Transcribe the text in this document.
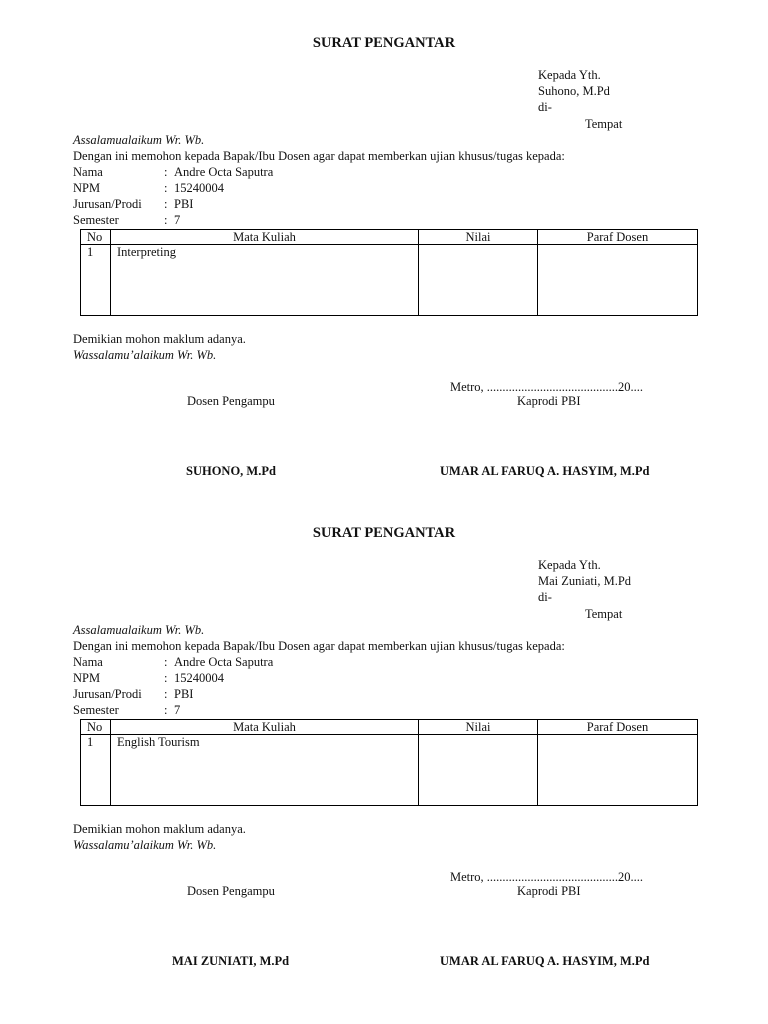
SURAT PENGANTAR
Kepada Yth.
Suhono, M.Pd
di-
Tempat
Assalamualaikum Wr. Wb.
Dengan ini memohon kepada Bapak/Ibu Dosen agar dapat memberkan ujian khusus/tugas kepada:
Nama	: Andre Octa Saputra
NPM	: 15240004
Jurusan/Prodi : PBI
Semester	: 7
No	Mata Kuliah	Nilai	Paraf Dosen
1	Interpreting		
Demikian mohon maklum adanya.
Wassalamu’alaikum Wr. Wb.
Metro, ..........................................20....
Dosen Pengampu	Kaprodi PBI
SUHONO, M.Pd	UMAR AL FARUQ A. HASYIM, M.Pd
SURAT PENGANTAR
Kepada Yth.
Mai Zuniati, M.Pd
di-
Tempat
Assalamualaikum Wr. Wb.
Dengan ini memohon kepada Bapak/Ibu Dosen agar dapat memberkan ujian khusus/tugas kepada:
Nama	: Andre Octa Saputra
NPM	: 15240004
Jurusan/Prodi : PBI
Semester	: 7
No	Mata Kuliah	Nilai	Paraf Dosen
1	English Tourism		
Demikian mohon maklum adanya.
Wassalamu’alaikum Wr. Wb.
Metro, ..........................................20....
Dosen Pengampu	Kaprodi PBI
MAI ZUNIATI, M.Pd	UMAR AL FARUQ A. HASYIM, M.Pd
